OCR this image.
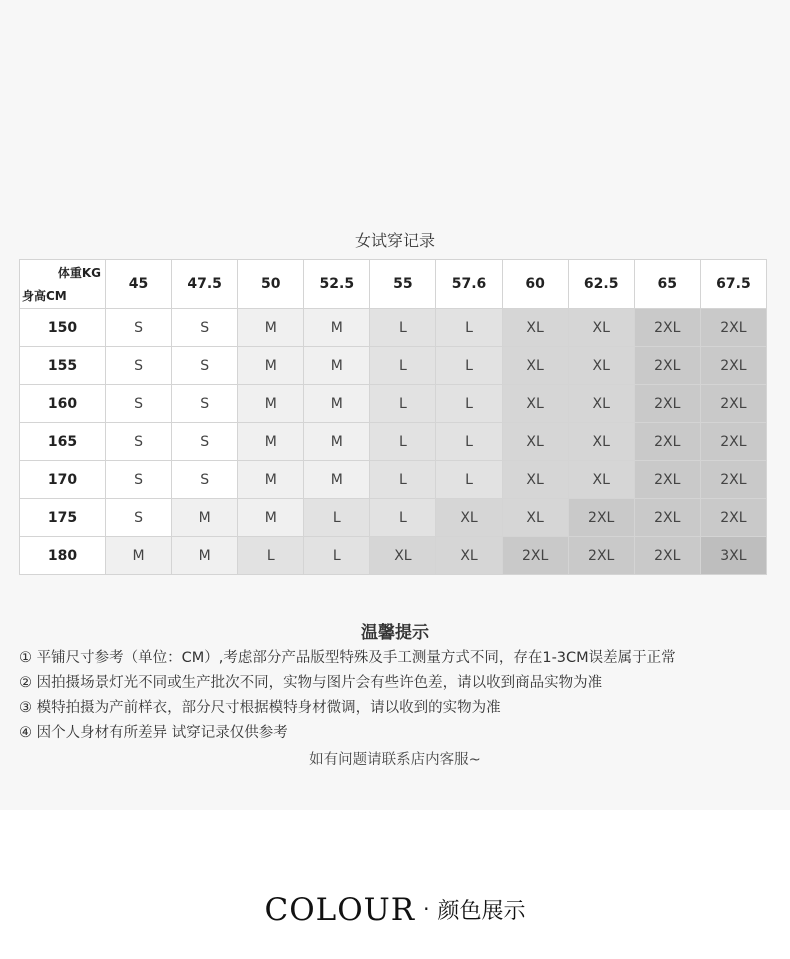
女试穿记录
体重KG
身高CM	45	47.5	50	52.5	55	57.6	60	62.5	65	67.5
150	S	S	M	M	L	L	XL	XL	2XL	2XL
155	S	S	M	M	L	L	XL	XL	2XL	2XL
160	S	S	M	M	L	L	XL	XL	2XL	2XL
165	S	S	M	M	L	L	XL	XL	2XL	2XL
170	S	S	M	M	L	L	XL	XL	2XL	2XL
175	S	M	M	L	L	XL	XL	2XL	2XL	2XL
180	M	M	L	L	XL	XL	2XL	2XL	2XL	3XL
温馨提示
① 平铺尺寸参考（单位：CM）,考虑部分产品版型特殊及手工测量方式不同，存在1-3CM误差属于正常
② 因拍摄场景灯光不同或生产批次不同，实物与图片会有些许色差，请以收到商品实物为准
③ 模特拍摄为产前样衣，部分尺寸根据模特身材微调，请以收到的实物为准
④ 因个人身材有所差异 试穿记录仅供参考
如有问题请联系店内客服~
COLOUR · 颜色展示
